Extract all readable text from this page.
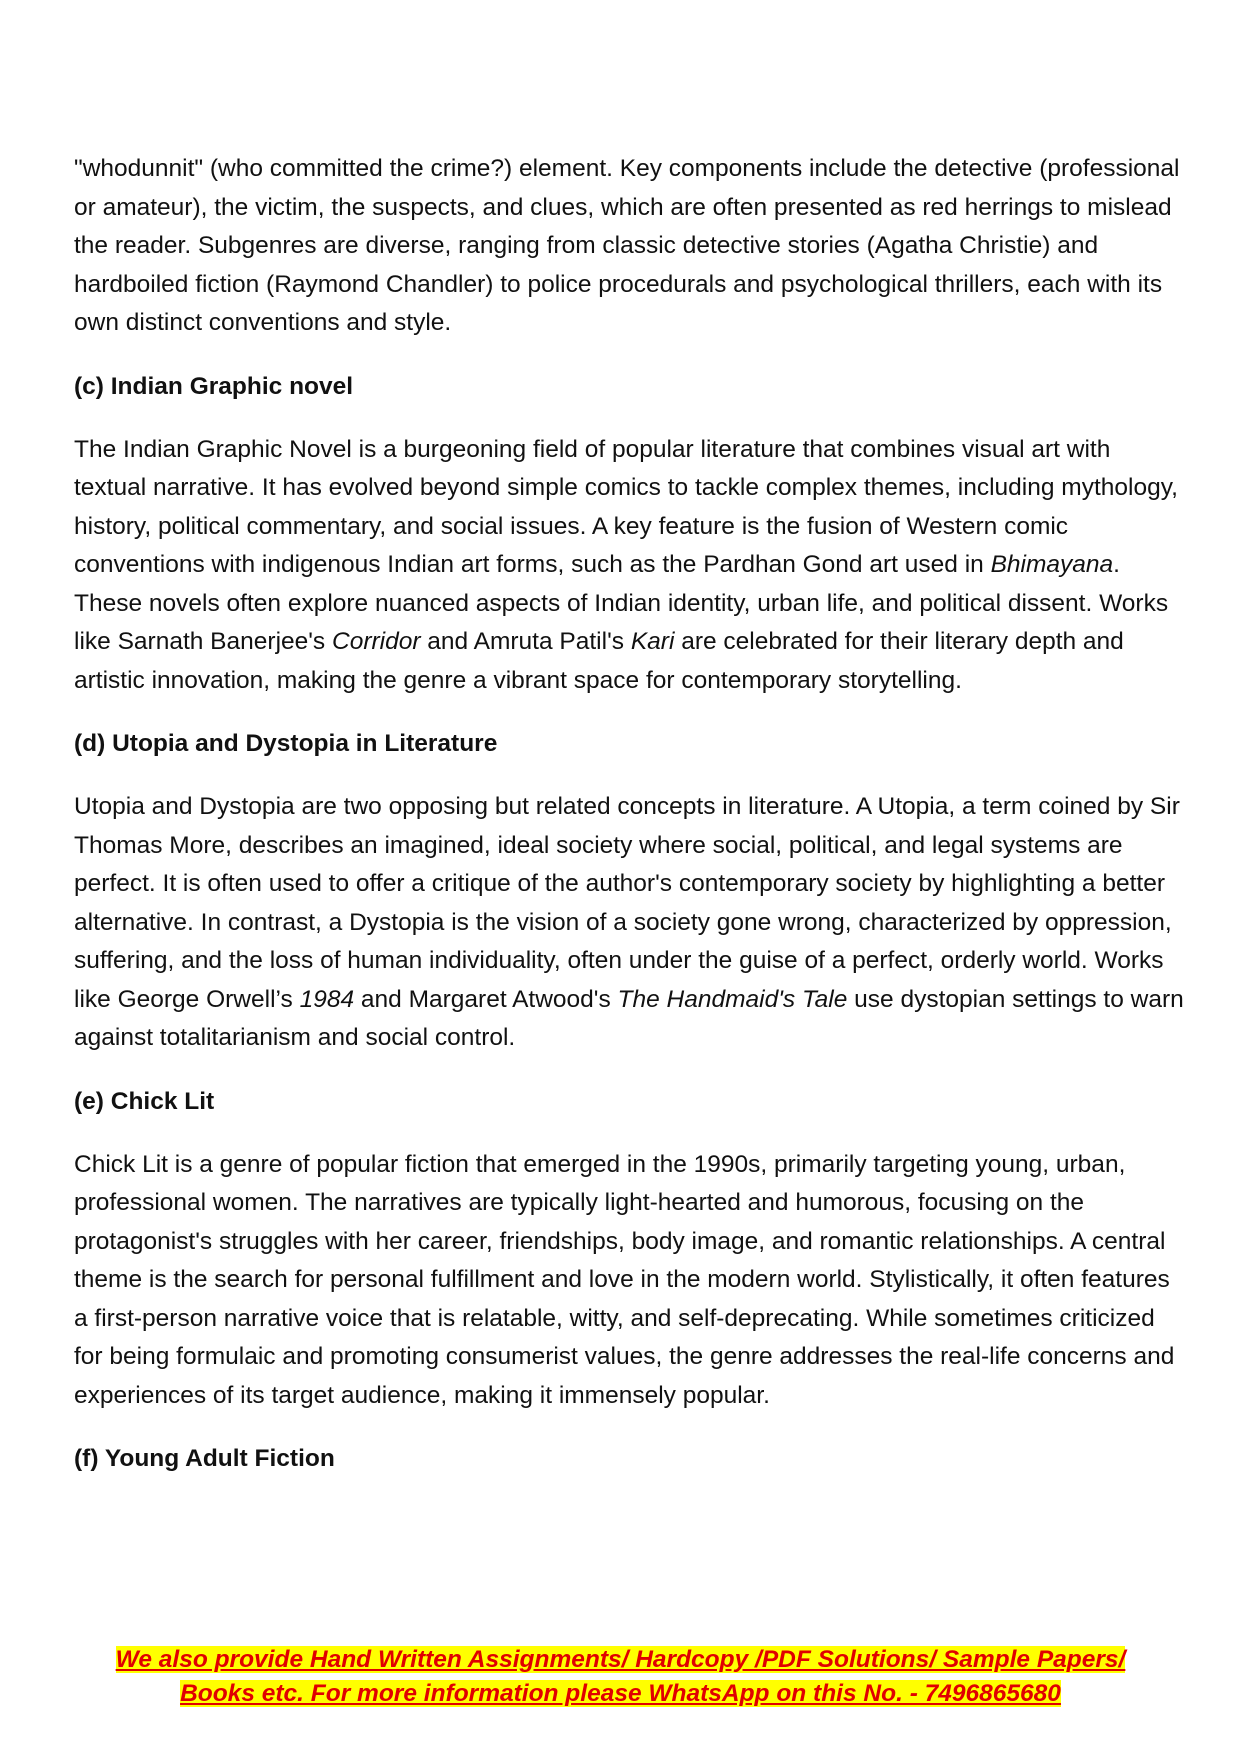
"whodunnit" (who committed the crime?) element. Key components include the detective (professional or amateur), the victim, the suspects, and clues, which are often presented as red herrings to mislead the reader. Subgenres are diverse, ranging from classic detective stories (Agatha Christie) and hardboiled fiction (Raymond Chandler) to police procedurals and psychological thrillers, each with its own distinct conventions and style.

(c) Indian Graphic novel

The Indian Graphic Novel is a burgeoning field of popular literature that combines visual art with textual narrative. It has evolved beyond simple comics to tackle complex themes, including mythology, history, political commentary, and social issues. A key feature is the fusion of Western comic conventions with indigenous Indian art forms, such as the Pardhan Gond art used in Bhimayana. These novels often explore nuanced aspects of Indian identity, urban life, and political dissent. Works like Sarnath Banerjee's Corridor and Amruta Patil's Kari are celebrated for their literary depth and artistic innovation, making the genre a vibrant space for contemporary storytelling.

(d) Utopia and Dystopia in Literature

Utopia and Dystopia are two opposing but related concepts in literature. A Utopia, a term coined by Sir Thomas More, describes an imagined, ideal society where social, political, and legal systems are perfect. It is often used to offer a critique of the author's contemporary society by highlighting a better alternative. In contrast, a Dystopia is the vision of a society gone wrong, characterized by oppression, suffering, and the loss of human individuality, often under the guise of a perfect, orderly world. Works like George Orwell’s 1984 and Margaret Atwood's The Handmaid's Tale use dystopian settings to warn against totalitarianism and social control.

(e) Chick Lit

Chick Lit is a genre of popular fiction that emerged in the 1990s, primarily targeting young, urban, professional women. The narratives are typically light-hearted and humorous, focusing on the protagonist's struggles with her career, friendships, body image, and romantic relationships. A central theme is the search for personal fulfillment and love in the modern world. Stylistically, it often features a first-person narrative voice that is relatable, witty, and self-deprecating. While sometimes criticized for being formulaic and promoting consumerist values, the genre addresses the real-life concerns and experiences of its target audience, making it immensely popular.

(f) Young Adult Fiction

We also provide Hand Written Assignments/ Hardcopy /PDF Solutions/ Sample Papers/
Books etc. For more information please WhatsApp on this No. - 7496865680
